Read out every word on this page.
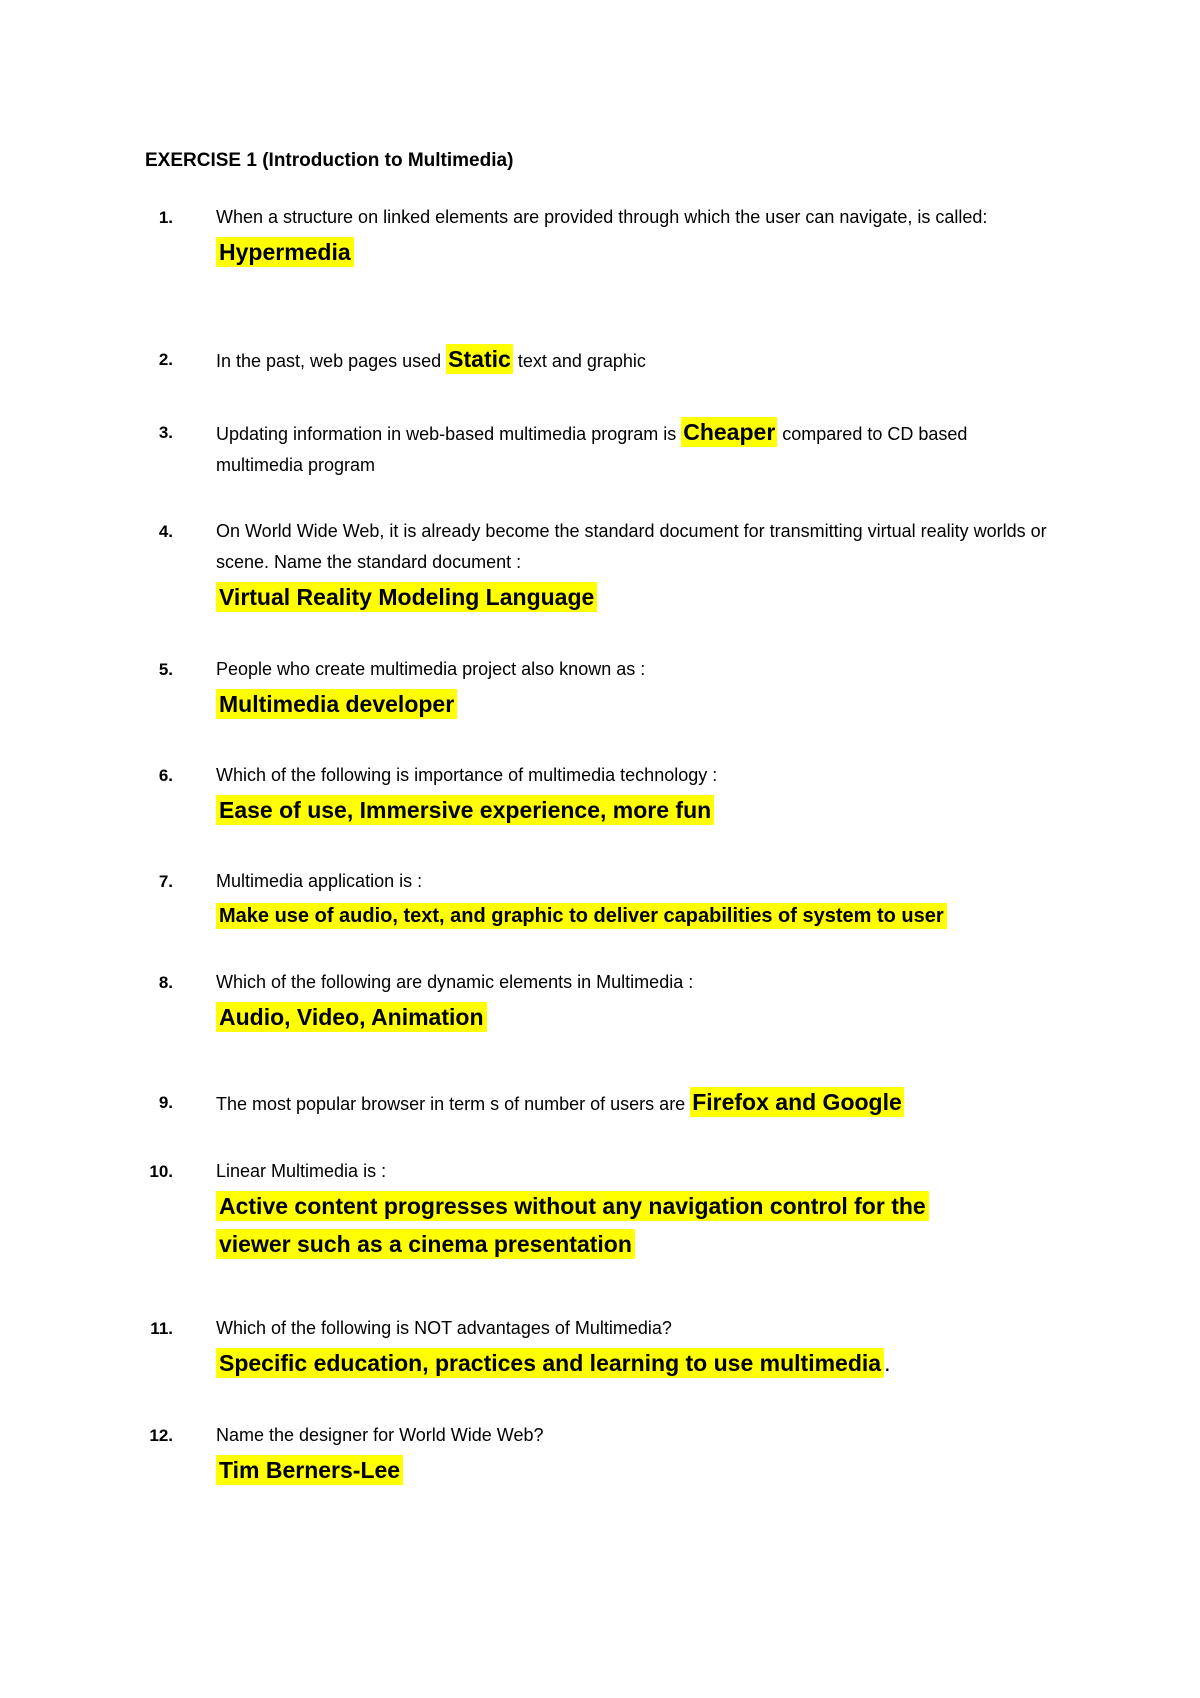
EXERCISE 1 (Introduction to Multimedia)
1. When a structure on linked elements are provided through which the user can navigate, is called:
Hypermedia
2. In the past, web pages used Static text and graphic
3. Updating information in web-based multimedia program is Cheaper compared to CD based multimedia program
4. On World Wide Web, it is already become the standard document for transmitting virtual reality worlds or scene. Name the standard document :
Virtual Reality Modeling Language
5. People who create multimedia project also known as :
Multimedia developer
6. Which of the following is importance of multimedia technology :
Ease of use, Immersive experience, more fun
7. Multimedia application is :
Make use of audio, text, and graphic to deliver capabilities of system to user
8. Which of the following are dynamic elements in Multimedia :
Audio, Video, Animation
9. The most popular browser in term s of number of users are Firefox and Google
10. Linear Multimedia is :
Active content progresses without any navigation control for the viewer such as a cinema presentation
11. Which of the following is NOT advantages of Multimedia?
Specific education, practices and learning to use multimedia .
12. Name the designer for World Wide Web?
Tim Berners-Lee
